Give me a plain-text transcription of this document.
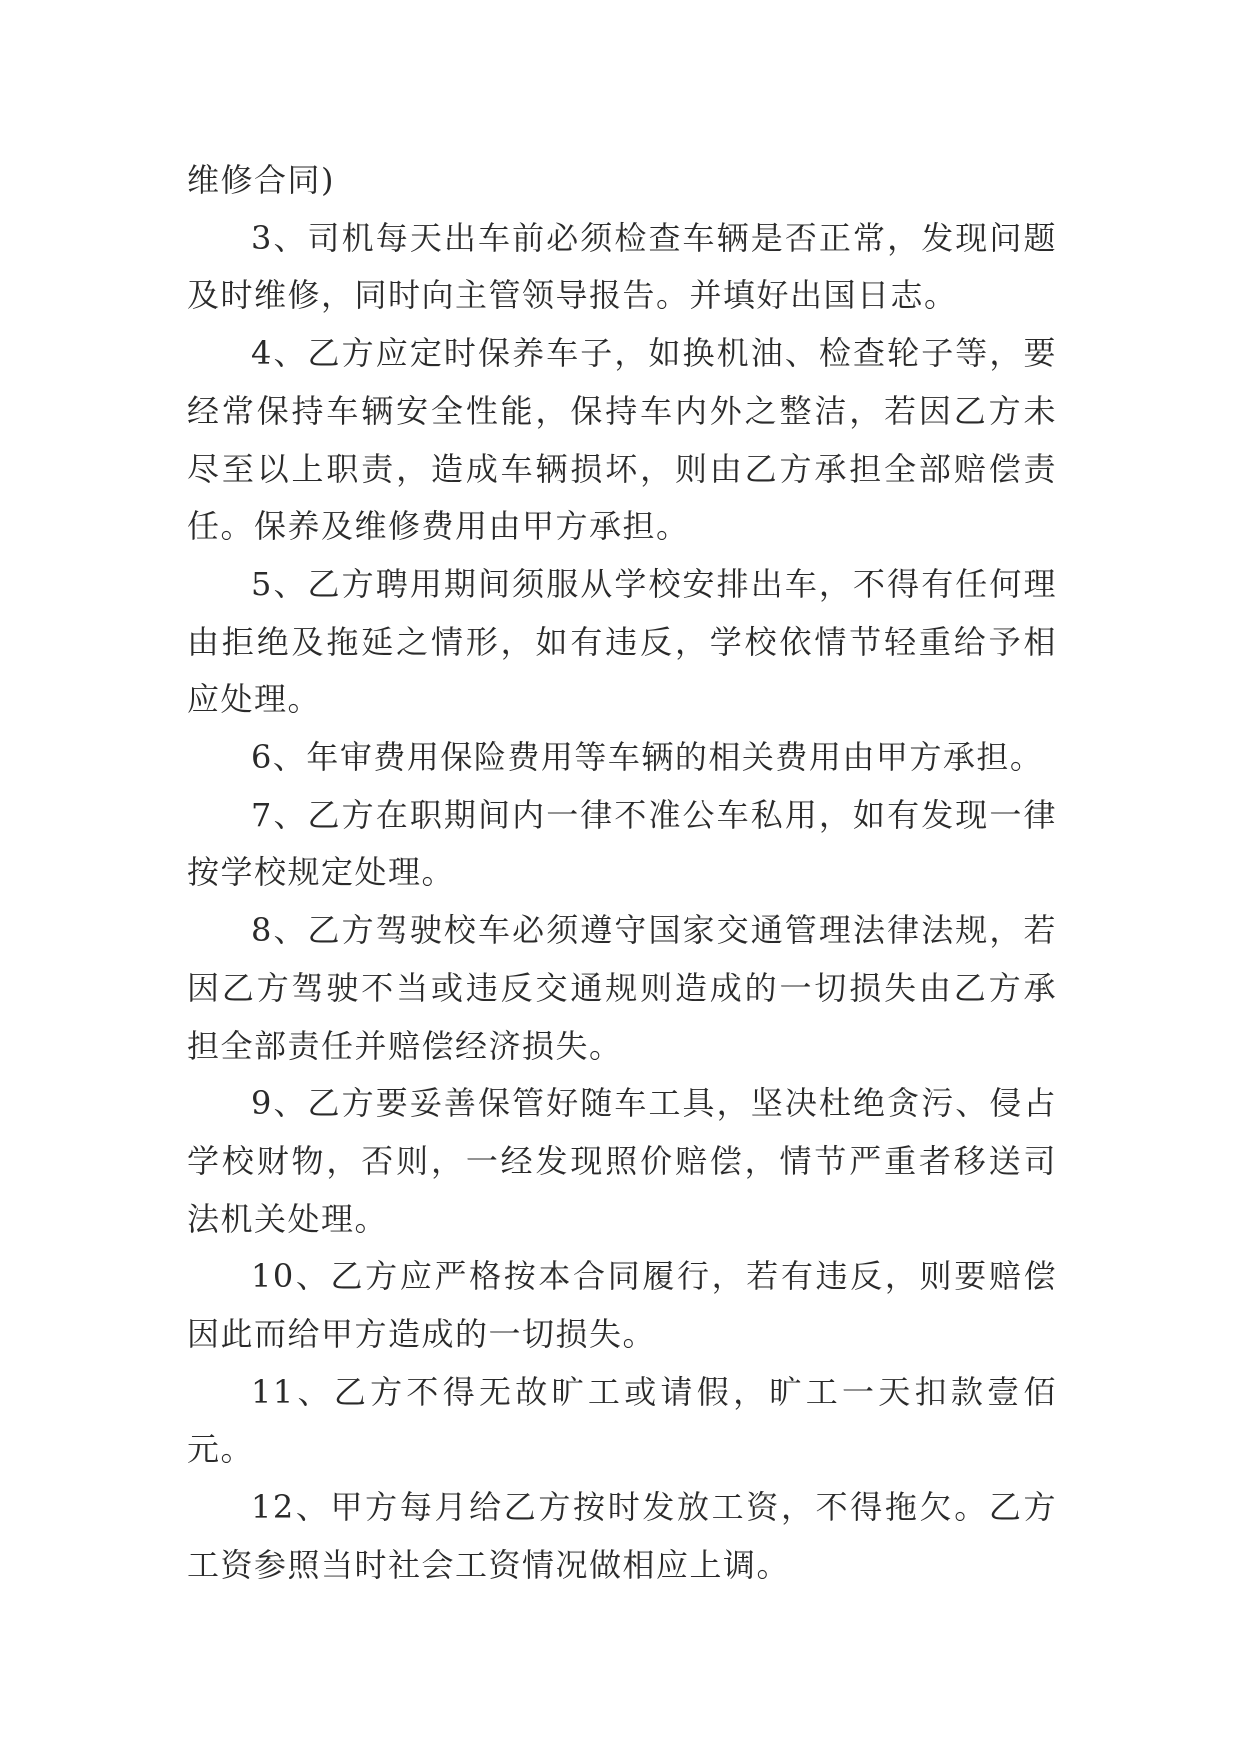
维修合同)

3、司机每天出车前必须检查车辆是否正常，发现问题及时维修，同时向主管领导报告。并填好出国日志。

4、乙方应定时保养车子，如换机油、检查轮子等，要经常保持车辆安全性能，保持车内外之整洁，若因乙方未尽至以上职责，造成车辆损坏，则由乙方承担全部赔偿责任。保养及维修费用由甲方承担。

5、乙方聘用期间须服从学校安排出车，不得有任何理由拒绝及拖延之情形，如有违反，学校依情节轻重给予相应处理。

6、年审费用保险费用等车辆的相关费用由甲方承担。

7、乙方在职期间内一律不准公车私用，如有发现一律按学校规定处理。

8、乙方驾驶校车必须遵守国家交通管理法律法规，若因乙方驾驶不当或违反交通规则造成的一切损失由乙方承担全部责任并赔偿经济损失。

9、乙方要妥善保管好随车工具，坚决杜绝贪污、侵占学校财物，否则，一经发现照价赔偿，情节严重者移送司法机关处理。

10、乙方应严格按本合同履行，若有违反，则要赔偿因此而给甲方造成的一切损失。

11、乙方不得无故旷工或请假，旷工一天扣款壹佰元。

12、甲方每月给乙方按时发放工资，不得拖欠。乙方工资参照当时社会工资情况做相应上调。
